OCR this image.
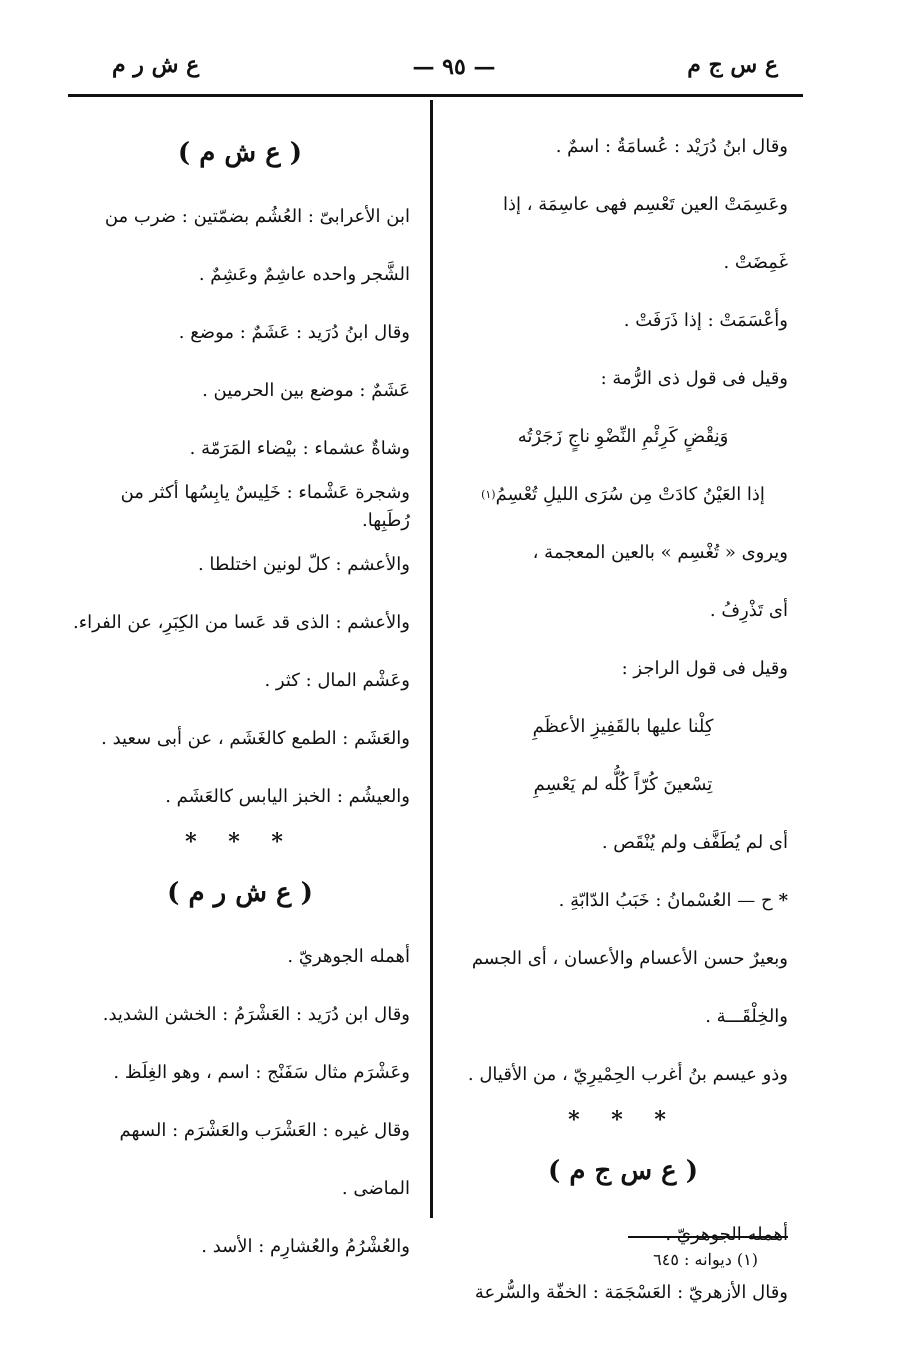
ع س ج م
— ٩٥ —
ع ش ر م

وقال ابنُ دُرَيْد : عُسامَةُ : اسمٌ .

وعَسِمَتْ العين تَعْسِم فهى عاسِمَة ، إذا

غَمِضَتْ .

وأعْسَمَتْ : إذا ذَرَفَتْ .

وقيل فى قول ذى الرُّمة :

وَنِقْضٍ كَرِئْمِ النِّضْوِ ناجٍ زَجَرْتُه

إذا العَيْنُ كادَتْ مِن سُرَى الليلِ تُعْسِمُ
(١)

ويروى « تُغْسِم » بالعين المعجمة ،

أى تَذْرِفُ .

وقيل فى قول الراجز :

كِلْنا عليها بالقَفِيزِ الأعظَمِ

تِسْعينَ كُرّاً كُلُّه لم يَعْسِمِ

أى لم يُطَفَّف ولم يُنْقَص .

*
ح — العُسْمانُ : خَبَبُ الدّابّةِ .

وبعيرٌ حسن الأعسام والأعسان ، أى الجسم

والخِلْقَـــة .

وذو عيسم بنُ أغرب الحِمْيرِيّ ، من الأقيال .

* * *
( ع س ج م )

أهمله الجوهريّ .

وقال الأزهريّ : العَسْجَمَة : الخفّة والسُّرعة

( ع ش م )

ابن الأعرابىّ : العُشُم بضمّتين : ضرب من

الشَّجر واحده عاشِمٌ وعَشِمٌ .

وقال ابنُ دُرَيد : عَشَمٌ : موضع .

عَشَمٌ : موضع بين الحرمين .

وشاةٌ عشماء : بيْضاء المَرَمّة .

وشجرة عَشْماء : خَلِيسٌ يابِسُها أكثر من رُطَبِها.

والأعشم : كلّ لونين اختلطا .

والأعشم : الذى قد عَسا من الكِبَرِ، عن الفراء.

وعَشْم المال : كثر .

والعَشَم : الطمع كالغَشَم ، عن أبى سعيد .

والعيشُم : الخبز اليابس كالعَشَم .

* * *
( ع ش ر م )

أهمله الجوهريّ .

وقال ابن دُرَيد : العَشْرَمُ : الخشن الشديد.

وعَشْرَم مثال سَفَنْج : اسم ، وهو الغِلَظ .

وقال غيره : العَشْرَب والعَشْرَم : السهم

الماضى .

والعُشْرُمُ والعُشارِم : الأسد .

(١) ديوانه : ٦٤٥
